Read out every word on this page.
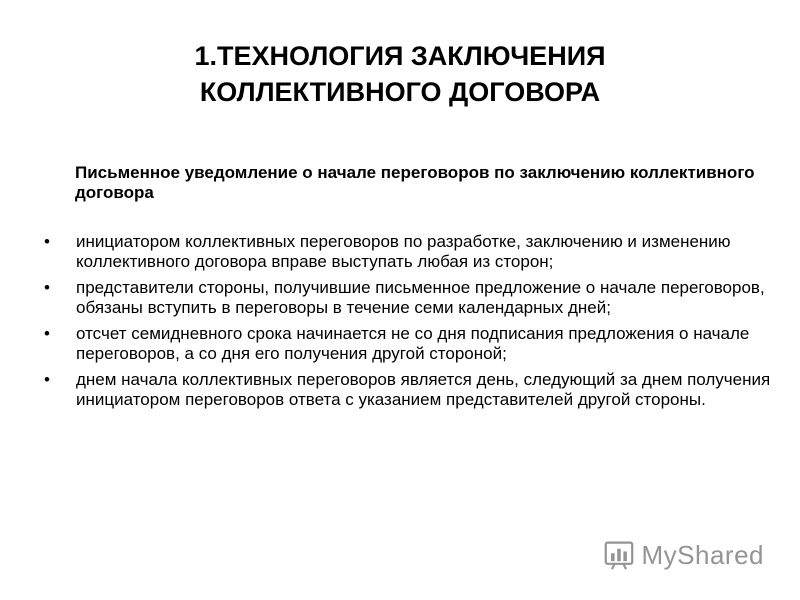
1.ТЕХНОЛОГИЯ ЗАКЛЮЧЕНИЯ
КОЛЛЕКТИВНОГО ДОГОВОРА

Письменное уведомление о начале переговоров по заключению коллективного договора

• инициатором коллективных переговоров по разработке, заключению и изменению коллективного договора вправе выступать любая из сторон;
• представители стороны, получившие письменное предложение о начале переговоров, обязаны вступить в переговоры в течение семи календарных дней;
• отсчет семидневного срока начинается не со дня подписания предложения о начале переговоров, а со дня его получения другой стороной;
• днем начала коллективных переговоров является день, следующий за днем получения инициатором переговоров ответа с указанием представителей другой стороны.
MyShared
